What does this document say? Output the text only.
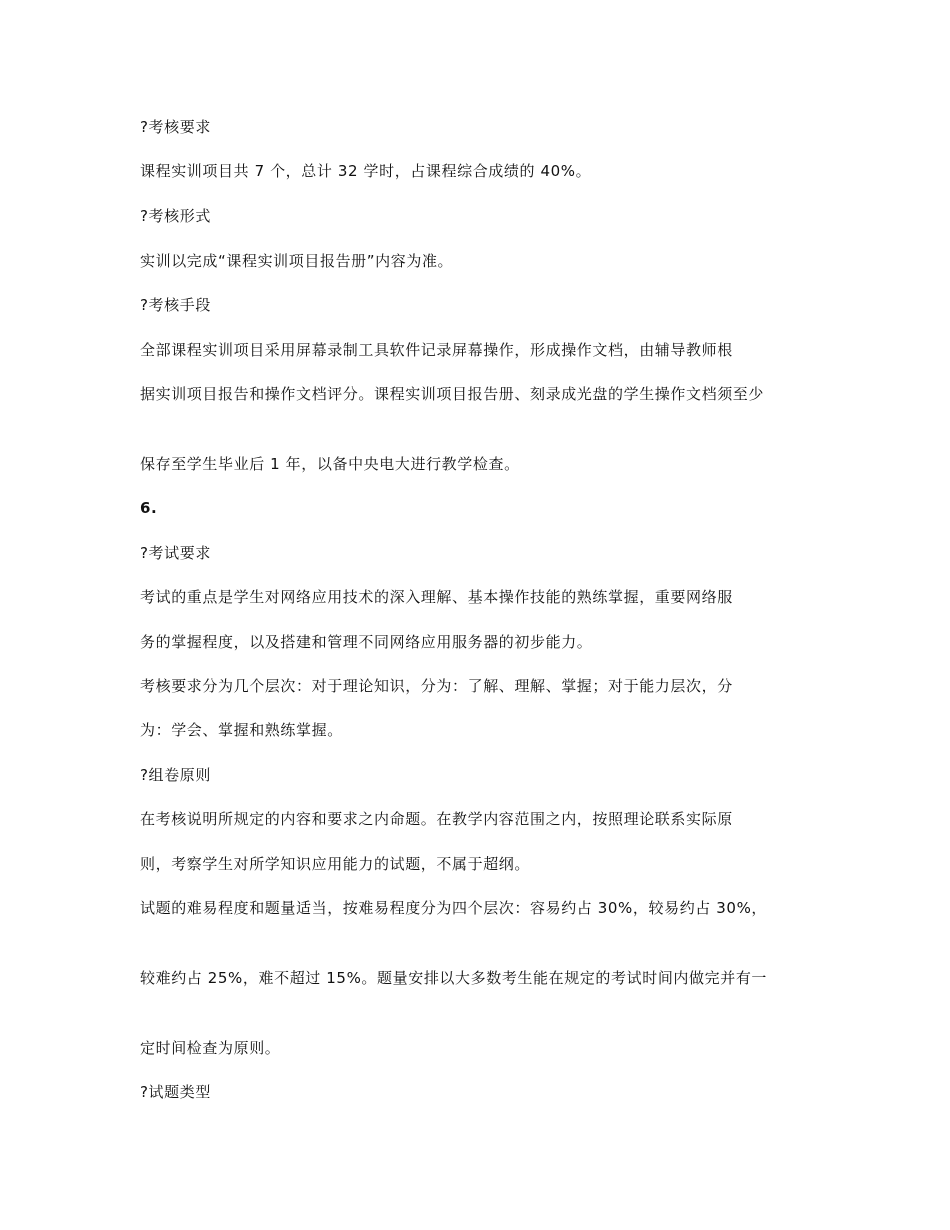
?考核要求
课程实训项目共 7 个，总计 32 学时，占课程综合成绩的 40%。
?考核形式
实训以完成“课程实训项目报告册”内容为准。
?考核手段
全部课程实训项目采用屏幕录制工具软件记录屏幕操作，形成操作文档，由辅导教师根
据实训项目报告和操作文档评分。课程实训项目报告册、刻录成光盘的学生操作文档须至少
保存至学生毕业后 1 年，以备中央电大进行教学检查。
6.
?考试要求
考试的重点是学生对网络应用技术的深入理解、基本操作技能的熟练掌握，重要网络服
务的掌握程度，以及搭建和管理不同网络应用服务器的初步能力。
考核要求分为几个层次：对于理论知识，分为：了解、理解、掌握；对于能力层次，分
为：学会、掌握和熟练掌握。
?组卷原则
在考核说明所规定的内容和要求之内命题。在教学内容范围之内，按照理论联系实际原
则，考察学生对所学知识应用能力的试题，不属于超纲。
试题的难易程度和题量适当，按难易程度分为四个层次：容易约占 30%，较易约占 30%，
较难约占 25%，难不超过 15%。题量安排以大多数考生能在规定的考试时间内做完并有一
定时间检查为原则。
?试题类型
